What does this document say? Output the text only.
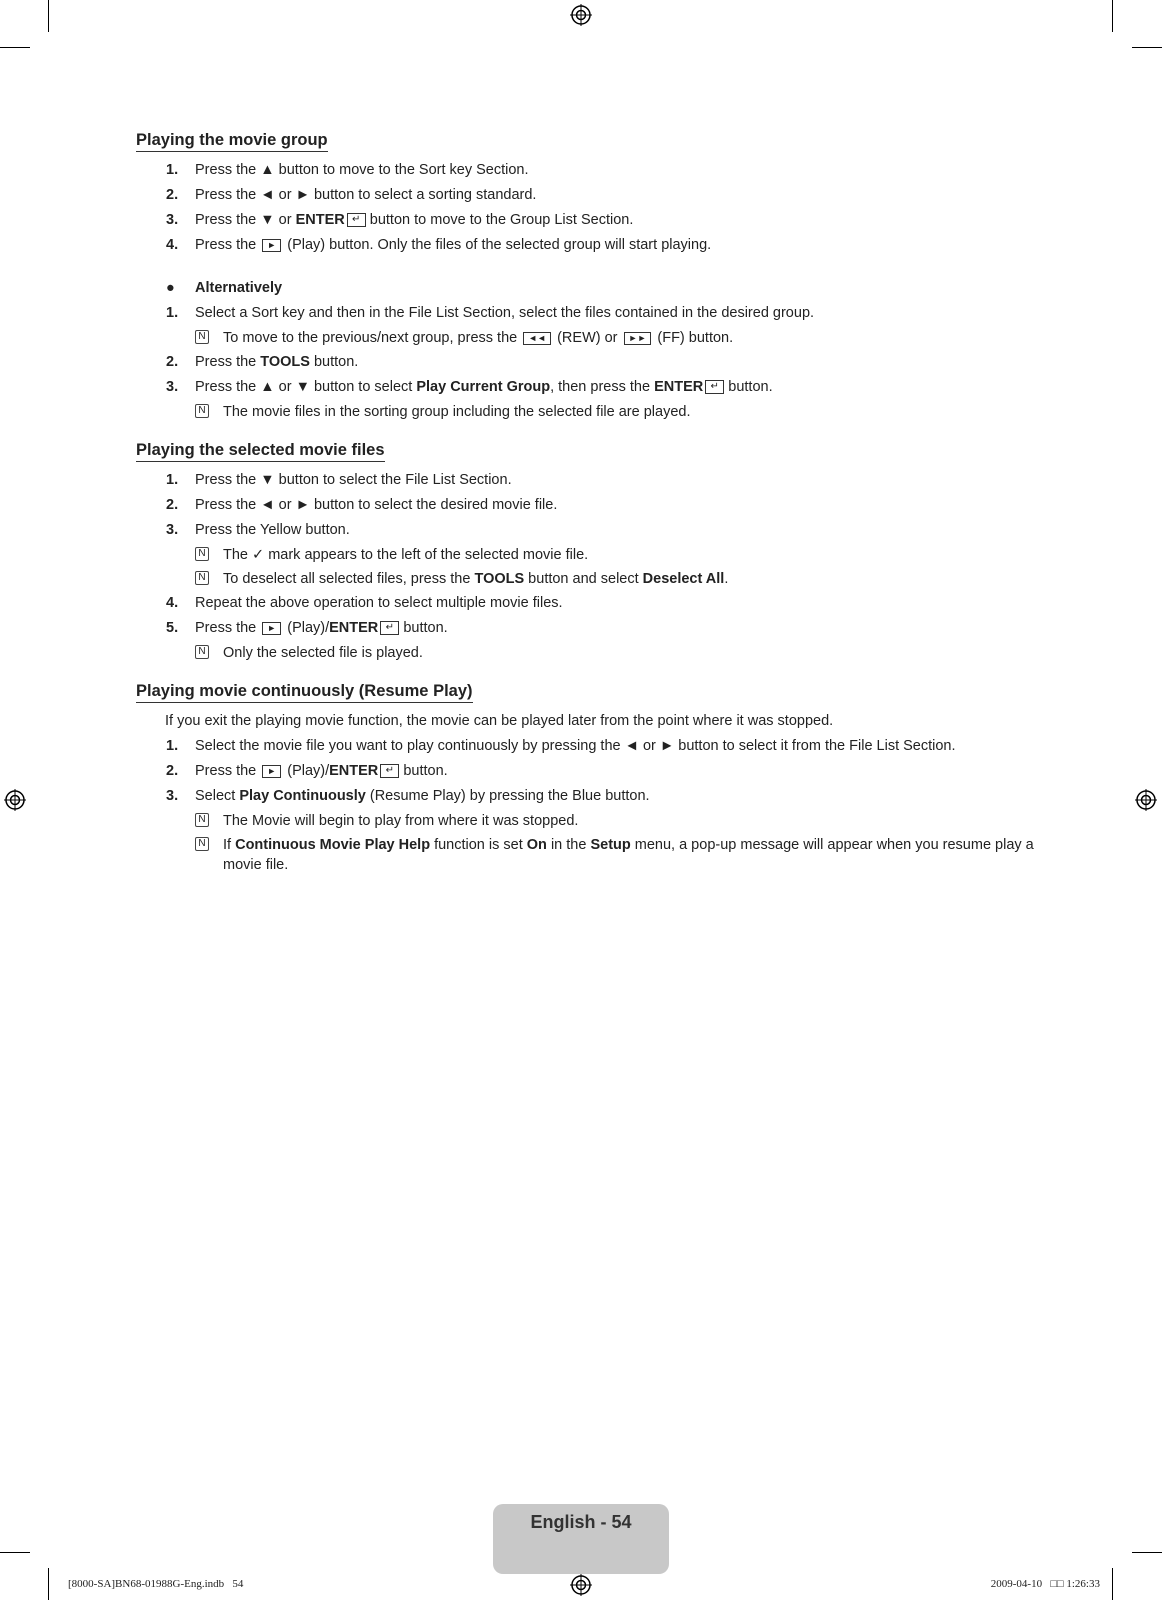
Playing the movie group
1. Press the ▲ button to move to the Sort key Section.
2. Press the ◄ or ► button to select a sorting standard.
3. Press the ▼ or ENTER ↵ button to move to the Group List Section.
4. Press the ► (Play) button. Only the files of the selected group will start playing.
● Alternatively
1. Select a Sort key and then in the File List Section, select the files contained in the desired group.
N To move to the previous/next group, press the ◄◄ (REW) or ►► (FF) button.
2. Press the TOOLS button.
3. Press the ▲ or ▼ button to select Play Current Group, then press the ENTER ↵ button.
N The movie files in the sorting group including the selected file are played.
Playing the selected movie files
1. Press the ▼ button to select the File List Section.
2. Press the ◄ or ► button to select the desired movie file.
3. Press the Yellow button.
N The ✓ mark appears to the left of the selected movie file.
N To deselect all selected files, press the TOOLS button and select Deselect All.
4. Repeat the above operation to select multiple movie files.
5. Press the ► (Play)/ENTER ↵ button.
N Only the selected file is played.
Playing movie continuously (Resume Play)
If you exit the playing movie function, the movie can be played later from the point where it was stopped.
1. Select the movie file you want to play continuously by pressing the ◄ or ► button to select it from the File List Section.
2. Press the ► (Play)/ENTER ↵ button.
3. Select Play Continuously (Resume Play) by pressing the Blue button.
N The Movie will begin to play from where it was stopped.
N If Continuous Movie Play Help function is set On in the Setup menu, a pop-up message will appear when you resume play a movie file.
English - 54
[8000-SA]BN68-01988G-Eng.indb   54	2009-04-10   □□ 1:26:33
